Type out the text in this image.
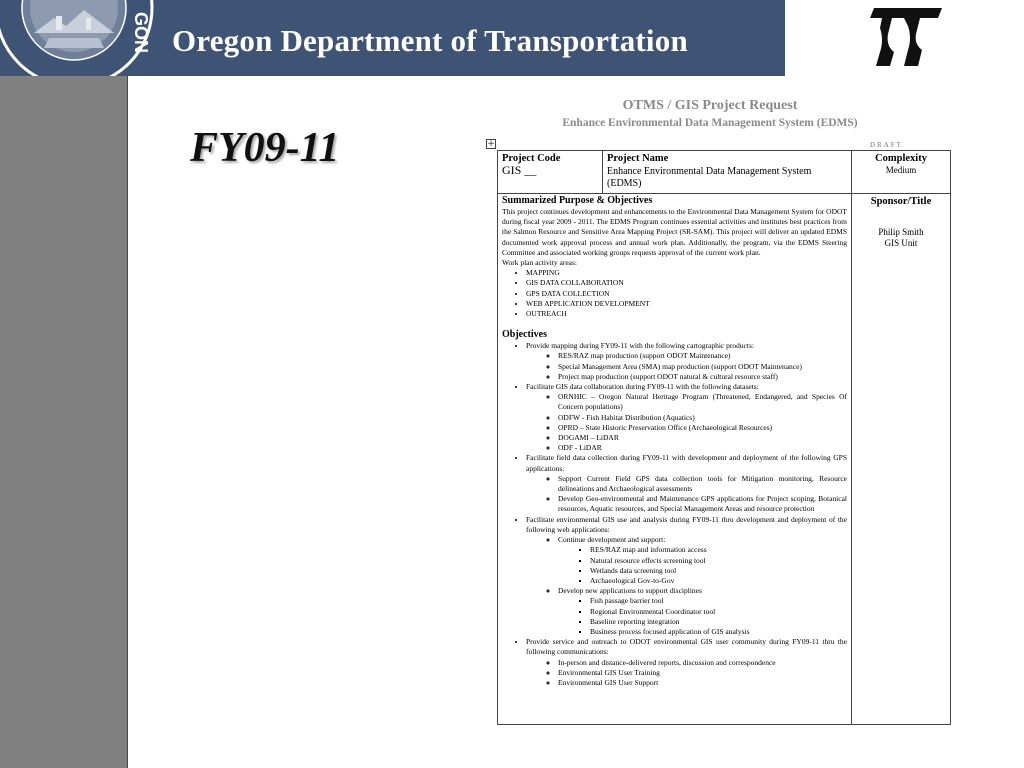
GON Oregon Department of Transportation
FY09-11
OTMS / GIS Project Request
Enhance Environmental Data Management System (EDMS)
DRAFT
+
Project Code
GIS __
Project Name
Enhance Environmental Data Management System (EDMS)
Complexity
Medium
Sponsor/Title
Philip Smith
GIS Unit
Summarized Purpose & Objectives

This project continues development and enhancements to the Environmental Data Management System for ODOT during fiscal year 2009 - 2011. The EDMS Program continues essential activities and institutes best practices from the Salmon Resource and Sensitive Area Mapping Project (SR-SAM). This project will deliver an updated EDMS documented work approval process and annual work plan. Additionally, the program, via the EDMS Steering Committee and associated working groups requests approval of the current work plan.

Work plan activity areas:
• MAPPING
• GIS DATA COLLABORATION
• GPS DATA COLLECTION
• WEB APPLICATION DEVELOPMENT
• OUTREACH
Objectives
• Provide mapping during FY09-11 with the following cartographic products:
◦ RES/RAZ map production (support ODOT Maintenance)
◦ Special Management Area (SMA) map production (support ODOT Maintenance)
◦ Project map production (support ODOT natural & cultural resource staff)
• Facilitate GIS data collaboration during FY09-11 with the following datasets:
◦ ORNHIC – Oregon Natural Heritage Program (Threatened, Endangered, and Species Of Concern populations)
◦ ODFW - Fish Habitat Distribution (Aquatics)
◦ OPRD – State Historic Preservation Office (Archaeological Resources)
◦ DOGAMI – LiDAR
◦ ODF - LiDAR
• Facilitate field data collection during FY09-11 with development and deployment of the following GPS applications:
◦ Support Current Field GPS data collection tools for Mitigation monitoring, Resource delineations and Archaeological assessments
◦ Develop Geo-environmental and Maintenance GPS applications for Project scoping, Botanical resources, Aquatic resources, and Special Management Areas and resource protection
• Facilitate environmental GIS use and analysis during FY09-11 thru development and deployment of the following web applications:
◦ Continue development and support:
▪ RES/RAZ map and information access
▪ Natural resource effects screening tool
▪ Wetlands data screening tool
▪ Archaeological Gov-to-Gov
◦ Develop new applications to support disciplines
▪ Fish passage barrier tool
▪ Regional Environmental Coordinator tool
▪ Baseline reporting integration
▪ Business process focused application of GIS analysis
• Provide service and outreach to ODOT environmental GIS user community during FY09-11 thru the following communications:
◦ In-person and distance-delivered reports, discussion and correspondence
◦ Environmental GIS User Training
◦ Environmental GIS User Support
